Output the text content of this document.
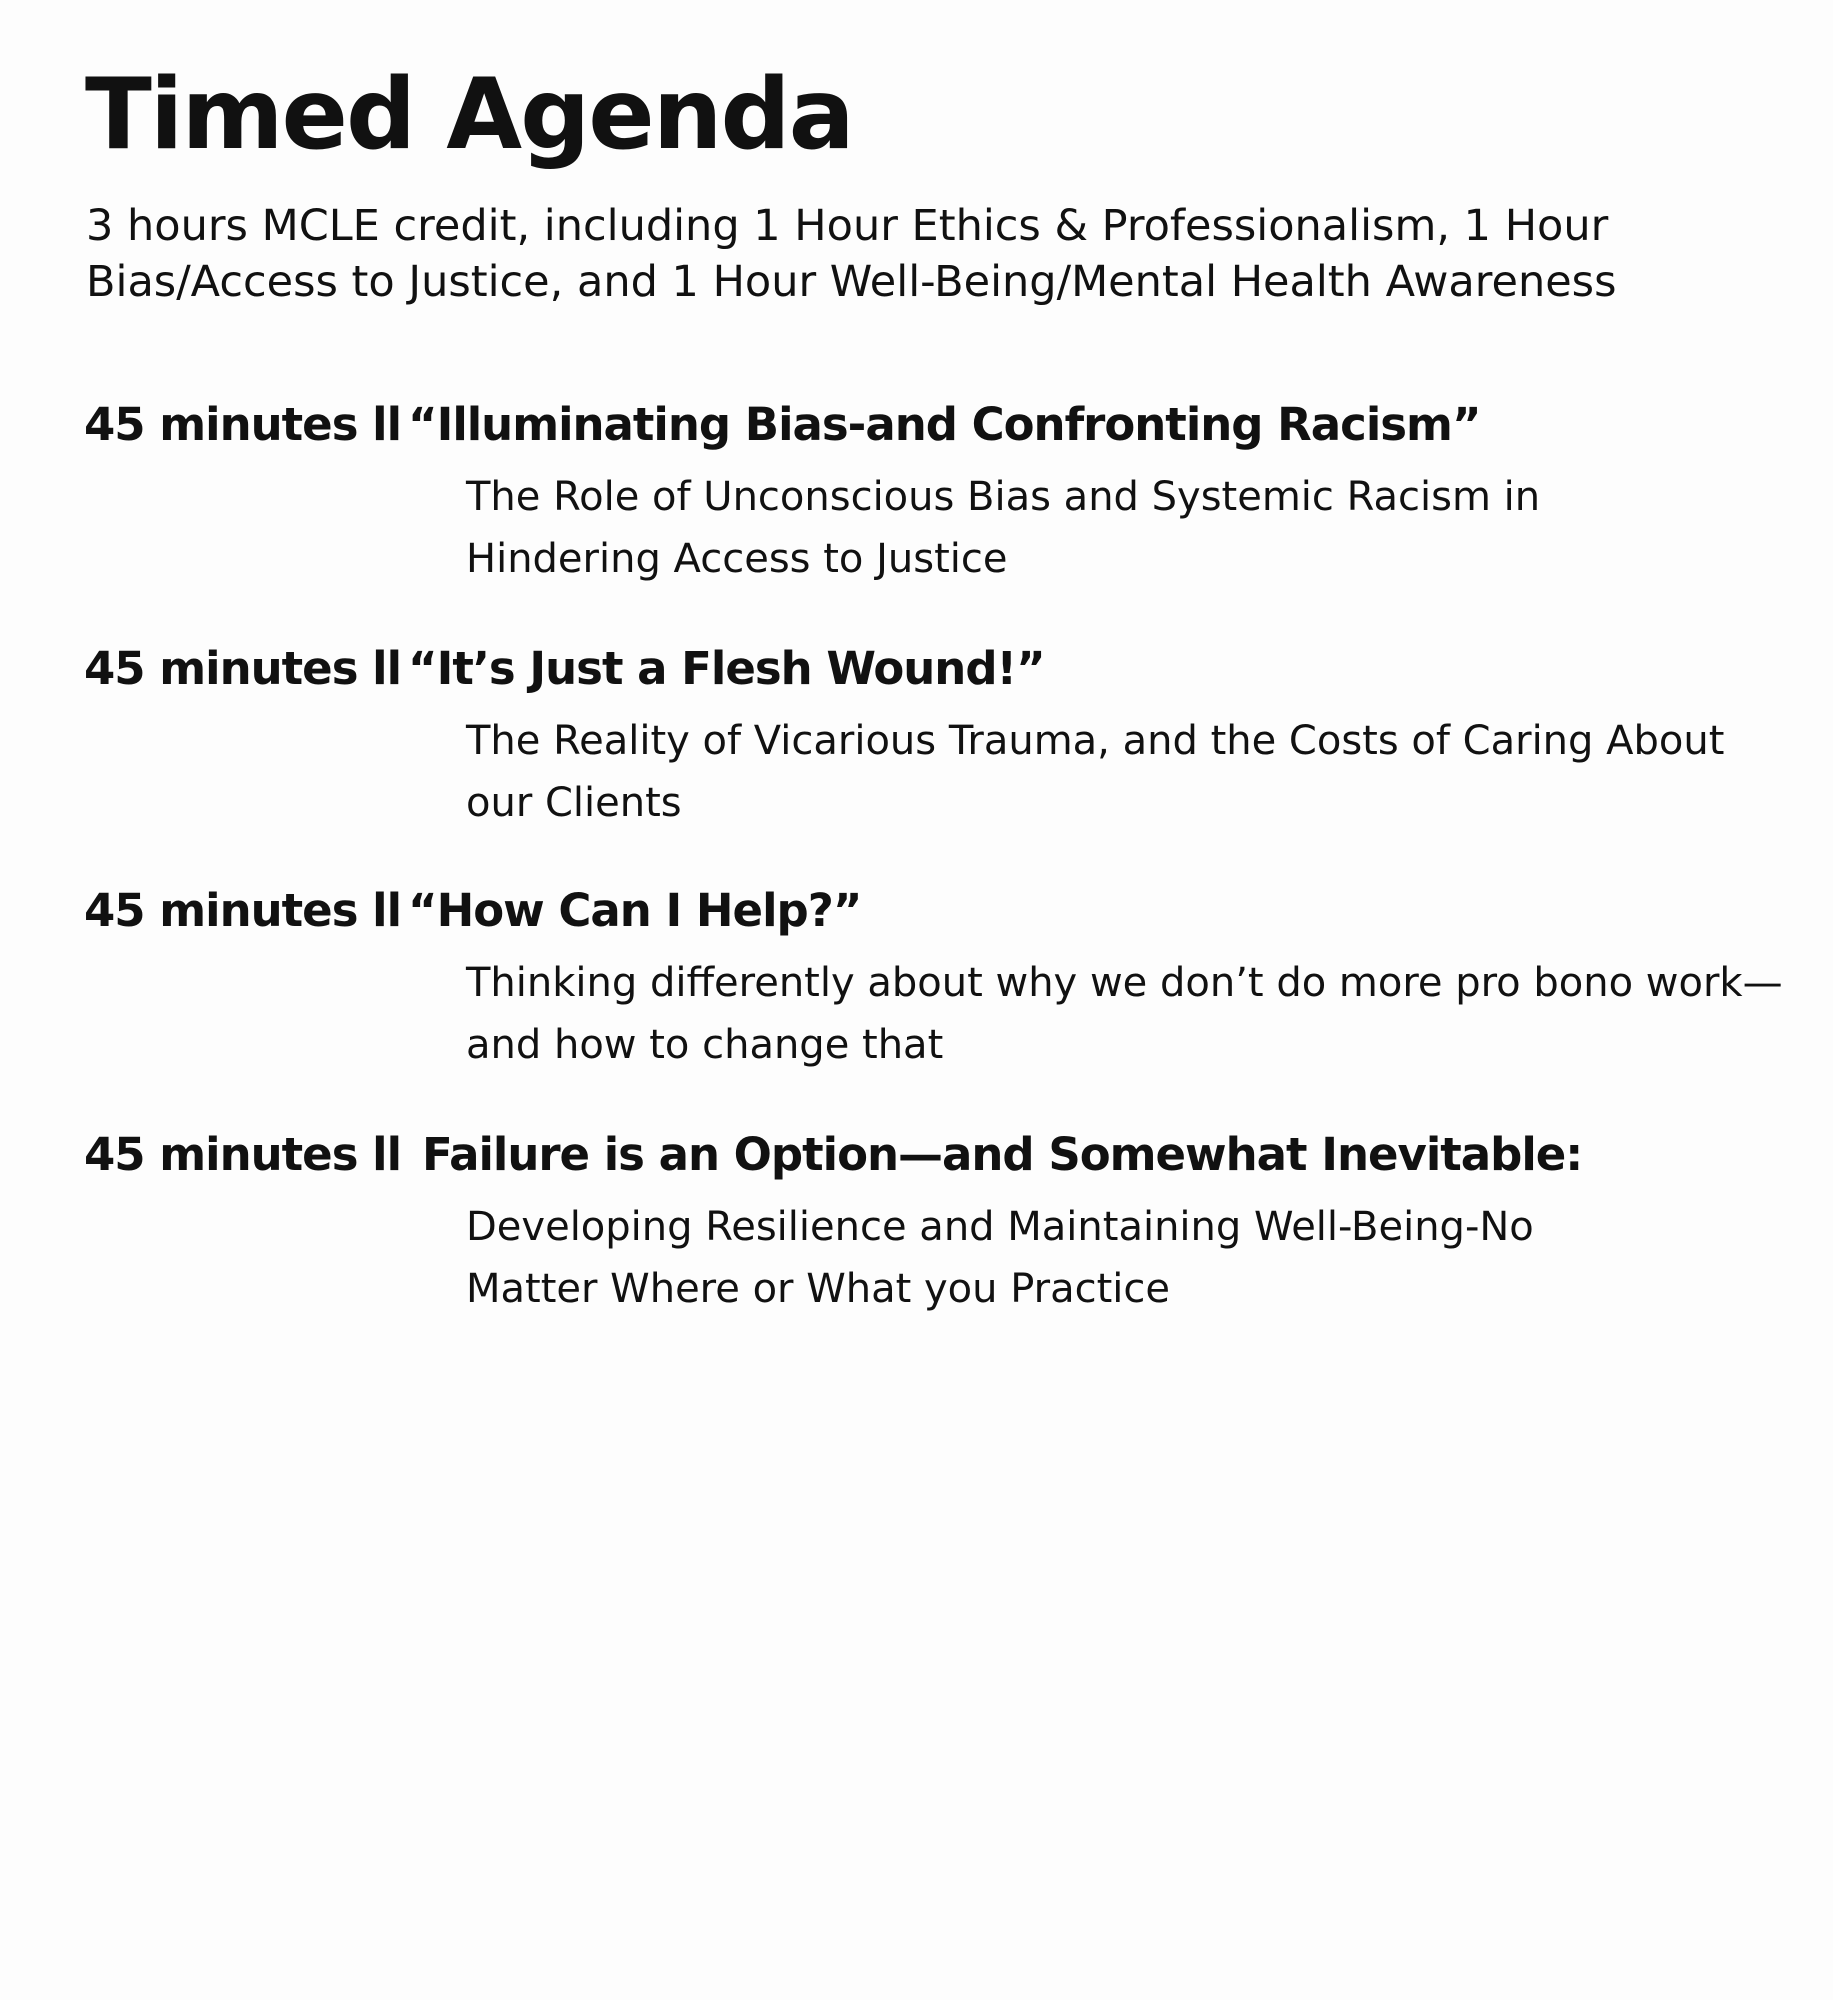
Timed Agenda

3 hours MCLE credit, including 1 Hour Ethics & Professionalism, 1 Hour Bias/Access to Justice, and 1 Hour Well-Being/Mental Health Awareness

45 minutes ll “Illuminating Bias-and Confronting Racism”
The Role of Unconscious Bias and Systemic Racism in
Hindering Access to Justice
45 minutes ll “It’s Just a Flesh Wound!”
The Reality of Vicarious Trauma, and the Costs of Caring About
our Clients
45 minutes ll “How Can I Help?”
Thinking differently about why we don’t do more pro bono work—
and how to change that
45 minutes ll Failure is an Option—and Somewhat Inevitable:
Developing Resilience and Maintaining Well-Being-No
Matter Where or What you Practice
